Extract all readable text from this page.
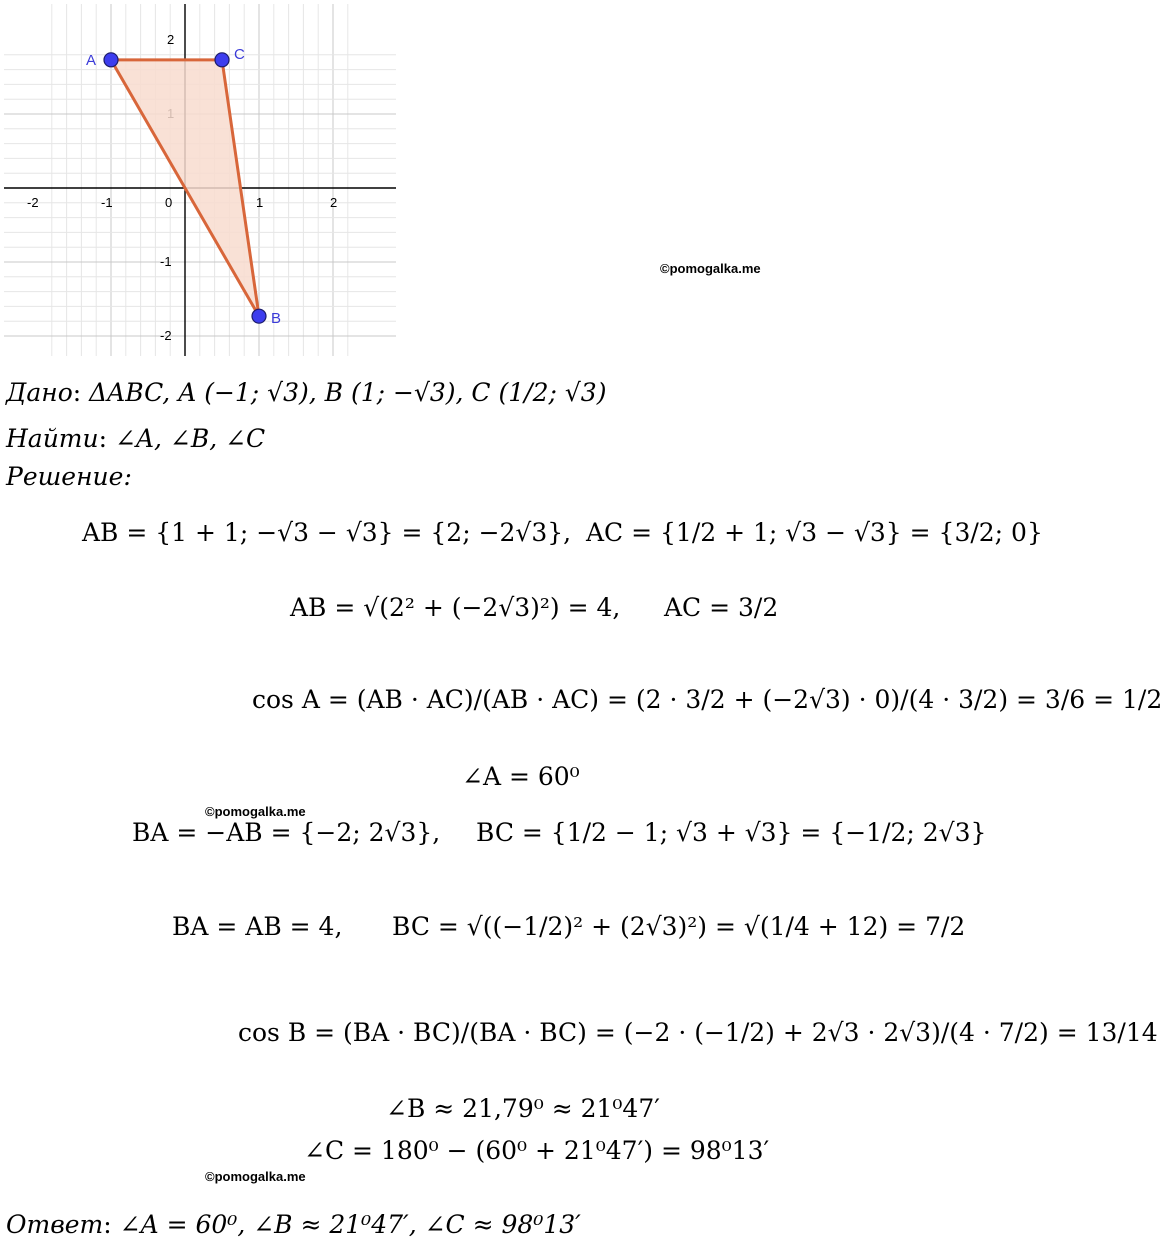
-2	-1	0	1	2
2
-1
-2
A	C
B
©pomogalka.me
©pomogalka.me
©pomogalka.me
Дано: ΔABC, A (−1; √3), B (1; −√3), C (1/2; √3)
Найти: ∠A, ∠B, ∠C
Решение:
AB = {1 + 1; −√3 − √3} = {2; −2√3}, AC = {1/2 + 1; √3 − √3} = {3/2; 0}
AB = √(2² + (−2√3)²) = 4, AC = 3/2
cos A = (AB · AC)/(AB · AC) = (2 · 3/2 + (−2√3) · 0)/(4 · 3/2) = 3/6 = 1/2
∠A = 60⁰
BA = −AB = {−2; 2√3}, BC = {1/2 − 1; √3 + √3} = {−1/2; 2√3}
BA = AB = 4, BC = √((−1/2)² + (2√3)²) = √(1/4 + 12) = 7/2
cos B = (BA · BC)/(BA · BC) = (−2 · (−1/2) + 2√3 · 2√3)/(4 · 7/2) = 13/14
∠B ≈ 21,79⁰ ≈ 21⁰47′
∠C = 180⁰ − (60⁰ + 21⁰47′) = 98⁰13′
Ответ: ∠A = 60⁰, ∠B ≈ 21⁰47′, ∠C ≈ 98⁰13′
